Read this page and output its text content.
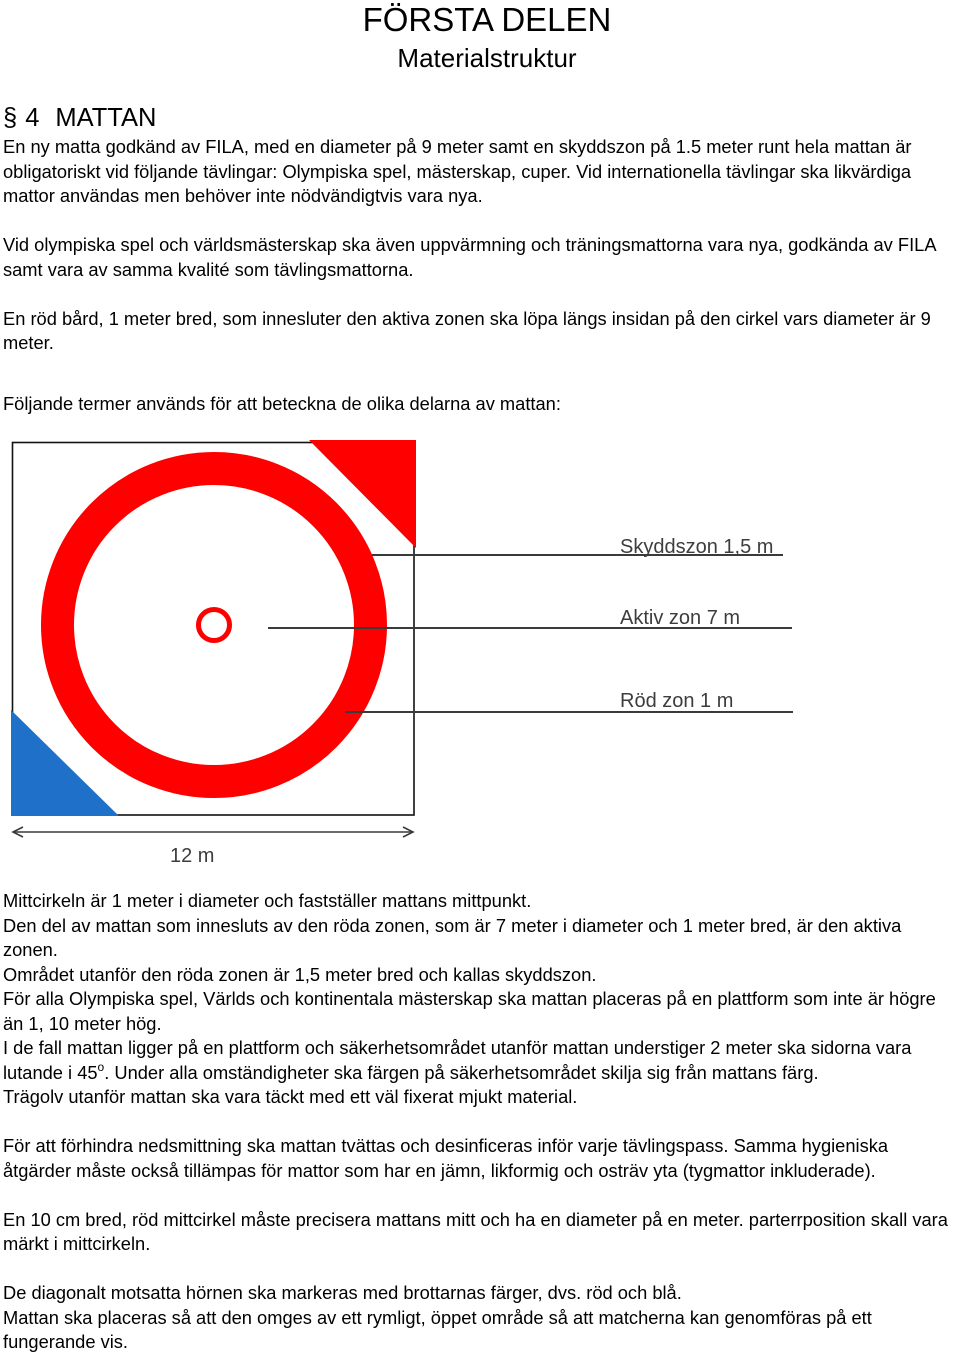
FÖRSTA DELEN
Materialstruktur
§ 4 MATTAN
En ny matta godkänd av FILA, med en diameter på 9 meter samt en skyddszon på 1.5 meter runt hela mattan är
obligatoriskt vid följande tävlingar: Olympiska spel, mästerskap, cuper. Vid internationella tävlingar ska likvärdiga
mattor användas men behöver inte nödvändigtvis vara nya.
Vid olympiska spel och världsmästerskap ska även uppvärmning och träningsmattorna vara nya, godkända av FILA
samt vara av samma kvalité som tävlingsmattorna.
En röd bård, 1 meter bred, som innesluter den aktiva zonen ska löpa längs insidan på den cirkel vars diameter är 9
meter.
Följande termer används för att beteckna de olika delarna av mattan:
Skyddszon 1,5 m
Aktiv zon 7 m
Röd zon 1 m
12 m
Mittcirkeln är 1 meter i diameter och fastställer mattans mittpunkt.
Den del av mattan som innesluts av den röda zonen, som är 7 meter i diameter och 1 meter bred, är den aktiva
zonen.
Området utanför den röda zonen är 1,5 meter bred och kallas skyddszon.
För alla Olympiska spel, Världs och kontinentala mästerskap ska mattan placeras på en plattform som inte är högre
än 1, 10 meter hög.
I de fall mattan ligger på en plattform och säkerhetsområdet utanför mattan understiger 2 meter ska sidorna vara
lutande i 45$^o$. Under alla omständigheter ska färgen på säkerhetsområdet skilja sig från mattans färg.
Trägolv utanför mattan ska vara täckt med ett väl fixerat mjukt material.
För att förhindra nedsmittning ska mattan tvättas och desinficeras inför varje tävlingspass. Samma hygieniska
åtgärder måste också tillämpas för mattor som har en jämn, likformig och osträv yta (tygmattor inkluderade).
En 10 cm bred, röd mittcirkel måste precisera mattans mitt och ha en diameter på en meter. parterrposition skall vara
märkt i mittcirkeln.
De diagonalt motsatta hörnen ska markeras med brottarnas färger, dvs. röd och blå.
Mattan ska placeras så att den omges av ett rymligt, öppet område så att matcherna kan genomföras på ett
fungerande vis.
